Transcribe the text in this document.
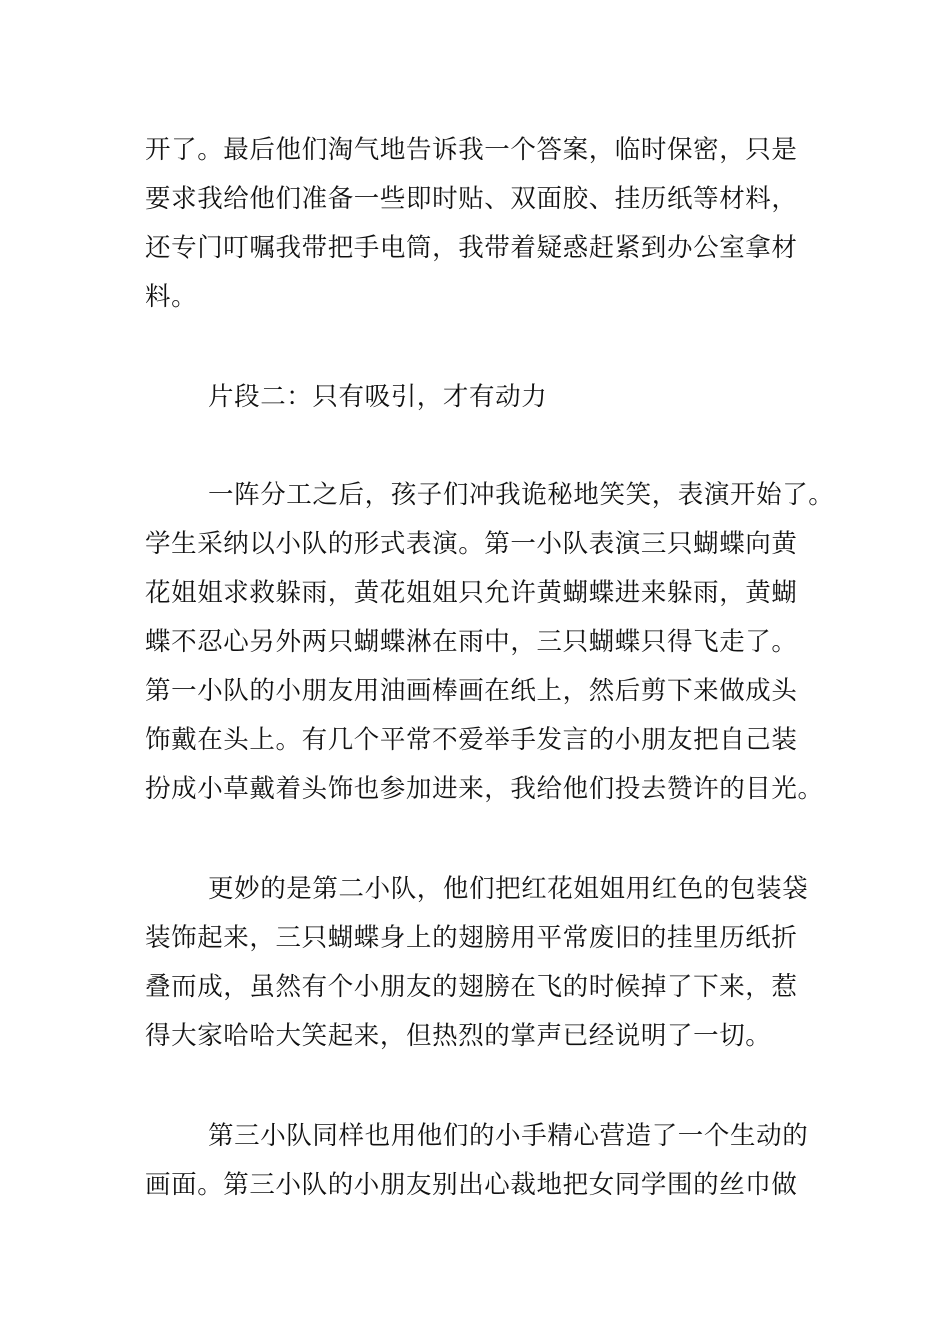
开了。最后他们淘气地告诉我一个答案，临时保密，只是
要求我给他们准备一些即时贴、双面胶、挂历纸等材料，
还专门叮嘱我带把手电筒，我带着疑惑赶紧到办公室拿材
料。
片段二：只有吸引，才有动力
一阵分工之后，孩子们冲我诡秘地笑笑，表演开始了。
学生采纳以小队的形式表演。第一小队表演三只蝴蝶向黄
花姐姐求救躲雨，黄花姐姐只允许黄蝴蝶进来躲雨，黄蝴
蝶不忍心另外两只蝴蝶淋在雨中，三只蝴蝶只得飞走了。
第一小队的小朋友用油画棒画在纸上，然后剪下来做成头
饰戴在头上。有几个平常不爱举手发言的小朋友把自己装
扮成小草戴着头饰也参加进来，我给他们投去赞许的目光。
更妙的是第二小队，他们把红花姐姐用红色的包装袋
装饰起来，三只蝴蝶身上的翅膀用平常废旧的挂里历纸折
叠而成，虽然有个小朋友的翅膀在飞的时候掉了下来，惹
得大家哈哈大笑起来，但热烈的掌声已经说明了一切。
第三小队同样也用他们的小手精心营造了一个生动的
画面。第三小队的小朋友别出心裁地把女同学围的丝巾做
